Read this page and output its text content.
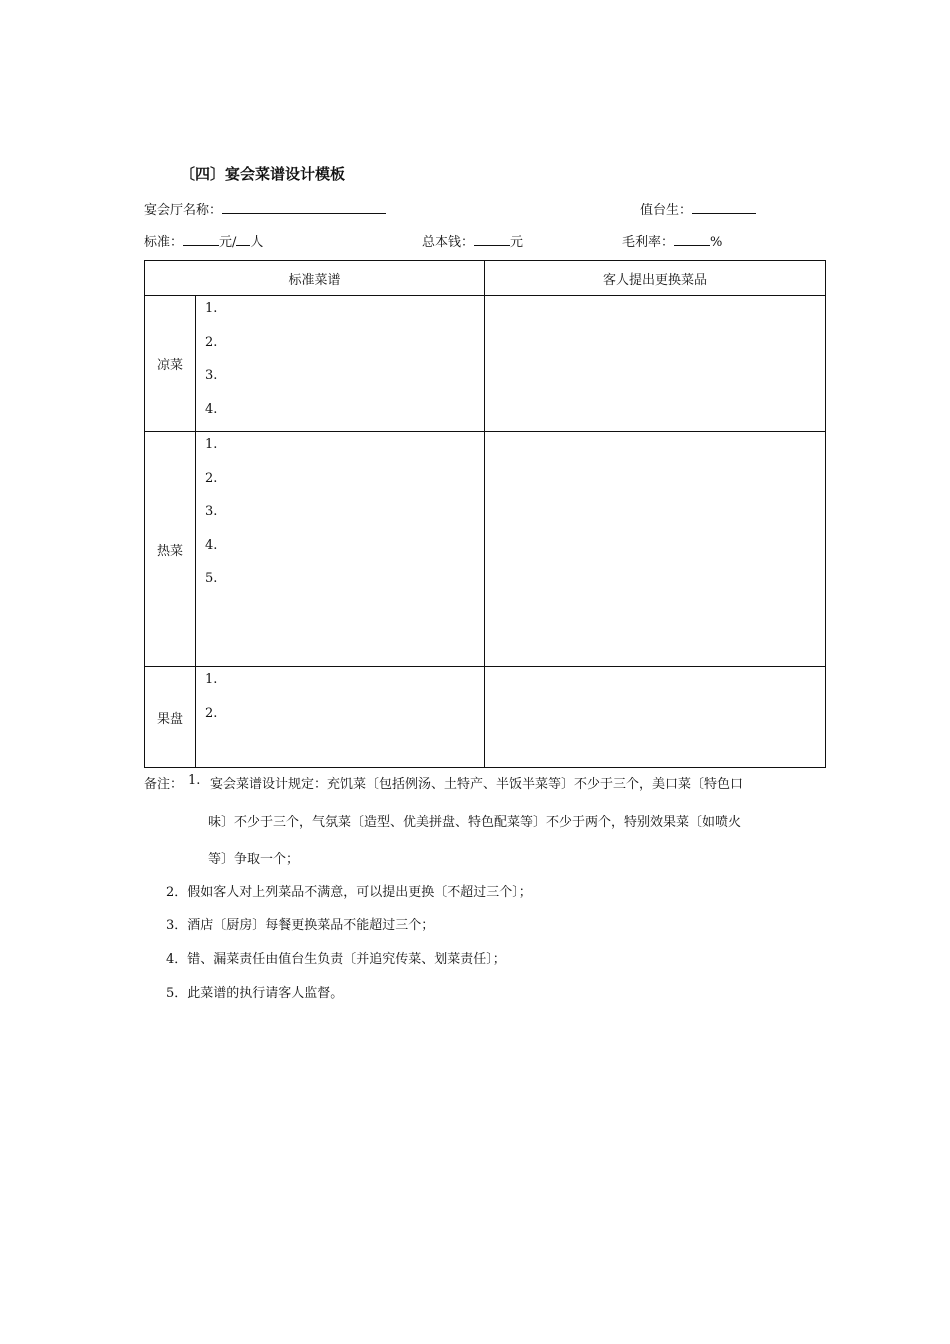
〔四〕宴会菜谱设计模板
宴会厅名称：	值台生：
标准：	元/ 人	总本钱：	元	毛利率：	%
标准菜谱		客人提出更换菜品
凉菜	1.
2.
3.
4.	

热菜	1.
2.
3.
4.
5.	

果盘	1.
2.	

备注： 1. 宴会菜谱设计规定：充饥菜〔包括例汤、土特产、半饭半菜等〕不少于三个，美口菜〔特色口
味〕不少于三个，气氛菜〔造型、优美拼盘、特色配菜等〕不少于两个，特别效果菜〔如喷火
等〕争取一个；
2．假如客人对上列菜品不满意，可以提出更换〔不超过三个〕；
3．酒店〔厨房〕每餐更换菜品不能超过三个；
4．错、漏菜责任由值台生负责〔并追究传菜、划菜责任〕；
5．此菜谱的执行请客人监督。
